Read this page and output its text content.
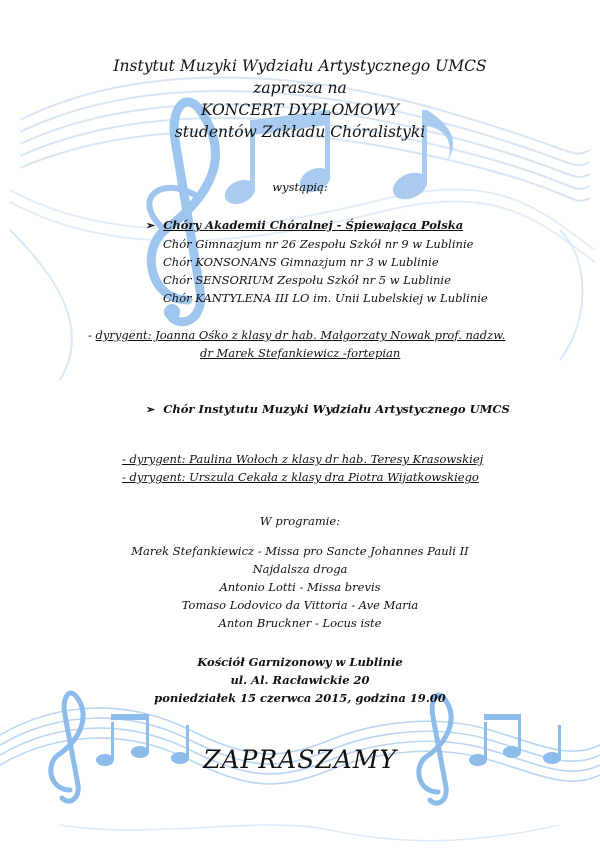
Instytut Muzyki Wydziału Artystycznego UMCS
zaprasza na
KONCERT DYPLOMOWY
studentów Zakładu Chóralistyki
wystąpią:
➢ Chóry Akademii Chóralnej - Śpiewająca Polska
Chór Gimnazjum nr 26 Zespołu Szkół nr 9 w Lublinie
Chór KONSONANS Gimnazjum nr 3 w Lublinie
Chór SENSORIUM Zespołu Szkół nr 5 w Lublinie
Chór KANTYLENA III LO im. Unii Lubelskiej w Lublinie
- dyrygent: Joanna Ośko z klasy dr hab. Małgorzaty Nowak prof. nadzw.
dr Marek Stefankiewicz -fortepian
➢ Chór Instytutu Muzyki Wydziału Artystycznego UMCS
- dyrygent: Paulina Wołoch z klasy dr hab. Teresy Krasowskiej
- dyrygent: Urszula Cekała z klasy dra Piotra Wijatkowskiego
W programie:
Marek Stefankiewicz - Missa pro Sancte Johannes Pauli II
Najdalsza droga
Antonio Lotti - Missa brevis
Tomaso Lodovico da Vittoria - Ave Maria
Anton Bruckner - Locus iste
Kościół Garnizonowy w Lublinie
ul. Al. Racławickie 20
poniedziałek 15 czerwca 2015, godzina 19.00
ZAPRASZAMY
